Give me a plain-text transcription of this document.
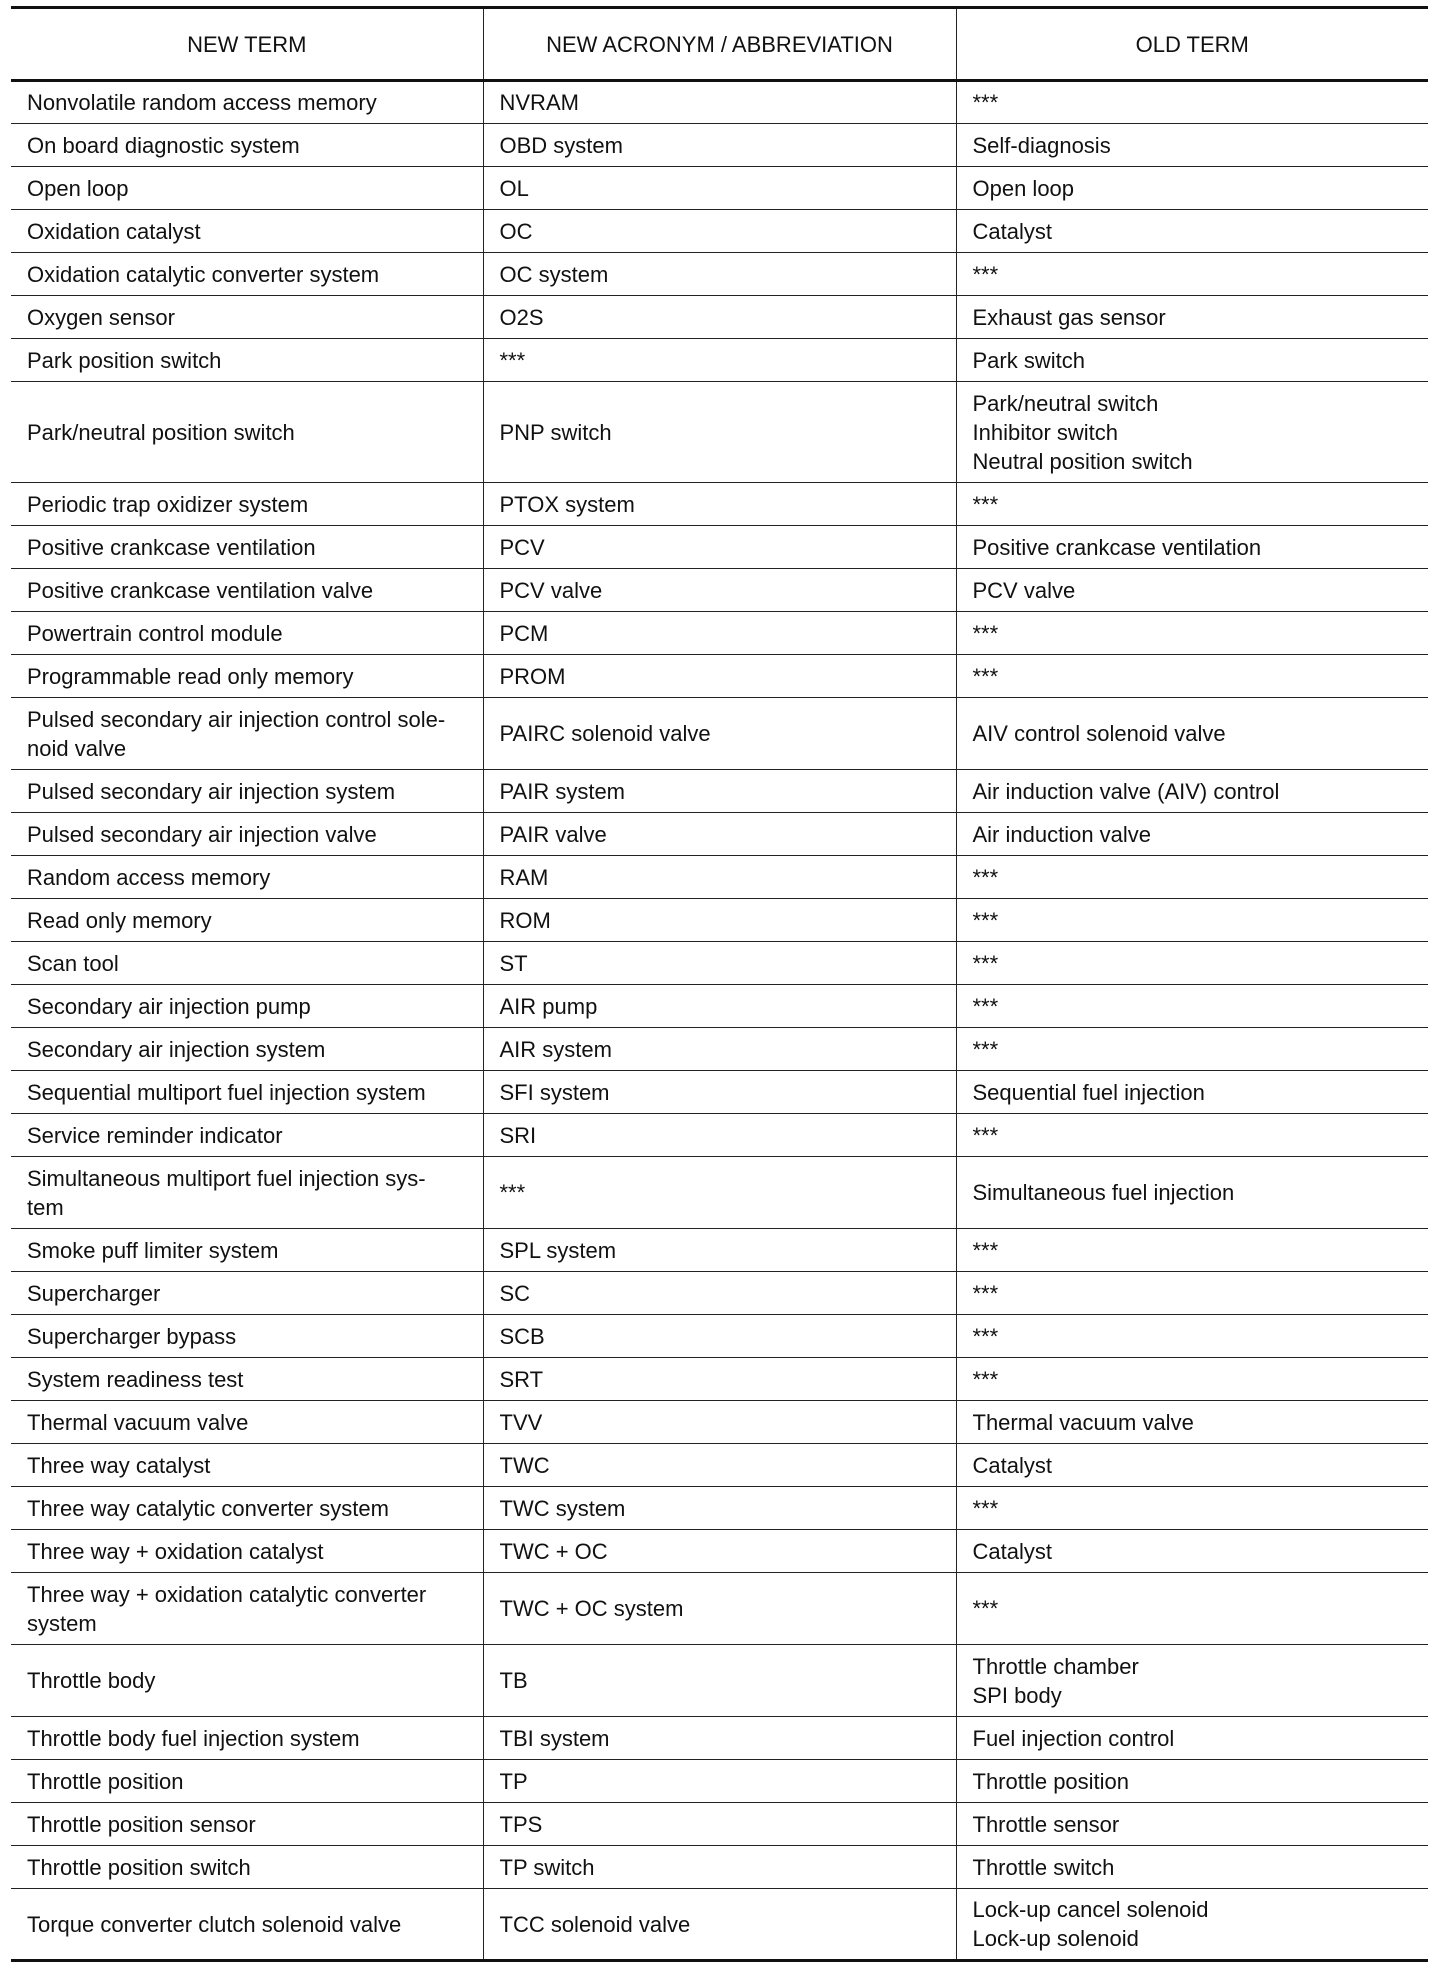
NEW TERM	NEW ACRONYM / ABBREVIATION	OLD TERM
Nonvolatile random access memory	NVRAM	***
On board diagnostic system	OBD system	Self-diagnosis
Open loop	OL	Open loop
Oxidation catalyst	OC	Catalyst
Oxidation catalytic converter system	OC system	***
Oxygen sensor	O2S	Exhaust gas sensor
Park position switch	***	Park switch
Park/neutral position switch	PNP switch	Park/neutral switch
Inhibitor switch
Neutral position switch
Periodic trap oxidizer system	PTOX system	***
Positive crankcase ventilation	PCV	Positive crankcase ventilation
Positive crankcase ventilation valve	PCV valve	PCV valve
Powertrain control module	PCM	***
Programmable read only memory	PROM	***
Pulsed secondary air injection control sole-
noid valve	PAIRC solenoid valve	AIV control solenoid valve
Pulsed secondary air injection system	PAIR system	Air induction valve (AIV) control
Pulsed secondary air injection valve	PAIR valve	Air induction valve
Random access memory	RAM	***
Read only memory	ROM	***
Scan tool	ST	***
Secondary air injection pump	AIR pump	***
Secondary air injection system	AIR system	***
Sequential multiport fuel injection system	SFI system	Sequential fuel injection
Service reminder indicator	SRI	***
Simultaneous multiport fuel injection sys-
tem	***	Simultaneous fuel injection
Smoke puff limiter system	SPL system	***
Supercharger	SC	***
Supercharger bypass	SCB	***
System readiness test	SRT	***
Thermal vacuum valve	TVV	Thermal vacuum valve
Three way catalyst	TWC	Catalyst
Three way catalytic converter system	TWC system	***
Three way + oxidation catalyst	TWC + OC	Catalyst
Three way + oxidation catalytic converter
system	TWC + OC system	***
Throttle body	TB	Throttle chamber
SPI body
Throttle body fuel injection system	TBI system	Fuel injection control
Throttle position	TP	Throttle position
Throttle position sensor	TPS	Throttle sensor
Throttle position switch	TP switch	Throttle switch
Torque converter clutch solenoid valve	TCC solenoid valve	Lock-up cancel solenoid
Lock-up solenoid
